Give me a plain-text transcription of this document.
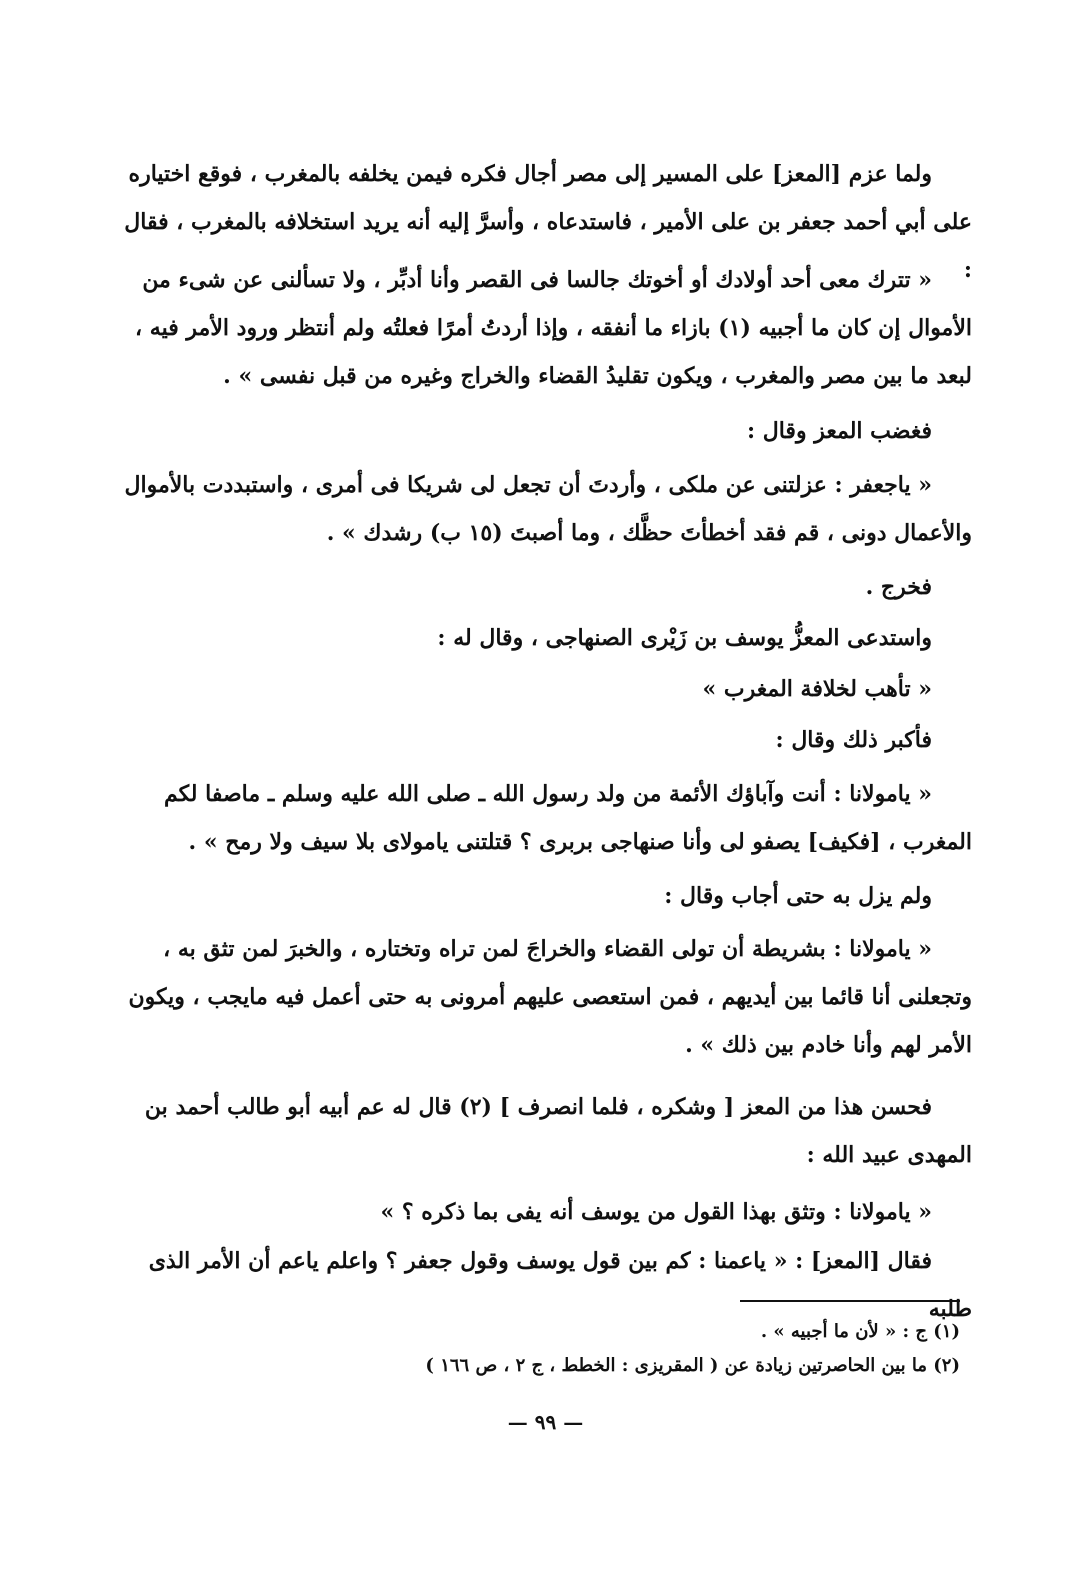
ولما عزم [المعز] على المسير إلى مصر أجال فكره فيمن يخلفه بالمغرب ، فوقع اختياره على أبي أحمد جعفر بن على الأمير ، فاستدعاه ، وأسرَّ إليه أنه يريد استخلافه بالمغرب ، فقال :

« تترك معى أحد أولادك أو أخوتك جالسا فى القصر وأنا أدبِّر ، ولا تسألنى عن شىء من الأموال إن كان ما أجبيه (١) بازاء ما أنفقه ، وإذا أردتُ أمرًا فعلتُه ولم أنتظر ورود الأمر فيه ، لبعد ما بين مصر والمغرب ، ويكون تقليدُ القضاء والخراج وغيره من قبل نفسى » .

فغضب المعز وقال :

« ياجعفر : عزلتنى عن ملكى ، وأردتَ أن تجعل لى شريكا فى أمرى ، واستبددت بالأموال والأعمال دونى ، قم فقد أخطأتَ حظَّك ، وما أصبتَ (١٥ ب) رشدك » .

فخرج .

واستدعى المعزُّ يوسف بن زَيْرى الصنهاجى ، وقال له :

« تأهب لخلافة المغرب »

فأكبر ذلك وقال :

« يامولانا : أنت وآباؤك الأئمة من ولد رسول الله ـ صلى الله عليه وسلم ـ ماصفا لكم المغرب ، [فكيف] يصفو لى وأنا صنهاجى بربرى ؟ قتلتنى يامولاى بلا سيف ولا رمح » .

ولم يزل به حتى أجاب وقال :

« يامولانا : بشريطة أن تولى القضاء والخراجَ لمن تراه وتختاره ، والخبرَ لمن تثق به ، وتجعلنى أنا قائما بين أيديهم ، فمن استعصى عليهم أمرونى به حتى أعمل فيه مايجب ، ويكون الأمر لهم وأنا خادم بين ذلك » .

فحسن هذا من المعز [ وشكره ، فلما انصرف ] (٢) قال له عم أبيه أبو طالب أحمد بن المهدى عبيد الله :

« يامولانا : وتثق بهذا القول من يوسف أنه يفى بما ذكره ؟ »

فقال [المعز] : « ياعمنا : كم بين قول يوسف وقول جعفر ؟ واعلم ياعم أن الأمر الذى طلبه

(١) ج : « لأن ما أجبيه » .

(٢) ما بين الحاصرتين زيادة عن ( المقريزى : الخطط ، ج ٢ ، ص ١٦٦ )

— ٩٩ —
